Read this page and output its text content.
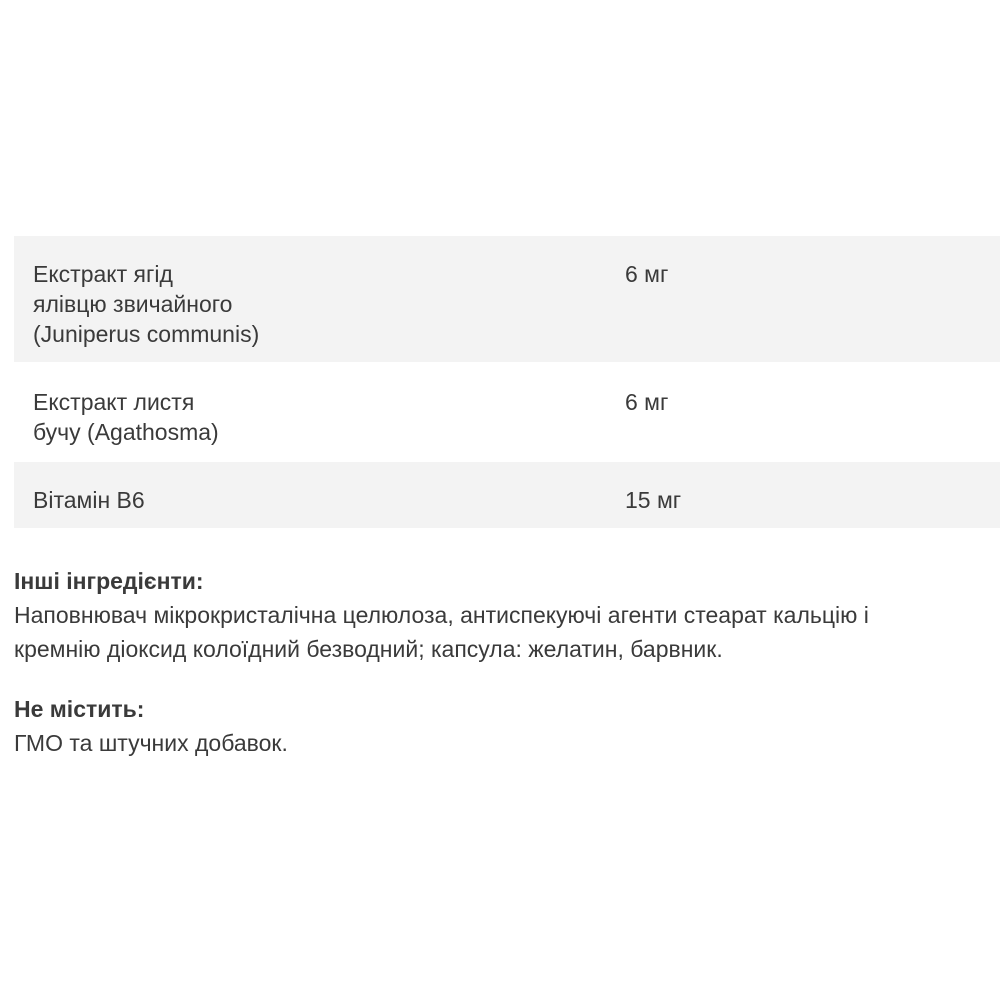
Екстракт ягід
ялівцю звичайного
(Juniperus communis)
6 мг
Екстракт листя
бучу (Agathosma)
6 мг
Вітамін B6	15 мг
Інші інгредієнти:
Наповнювач мікрокристалічна целюлоза, антиспекуючі агенти стеарат кальцію і
кремнію діоксид колоїдний безводний; капсула: желатин, барвник.
Не містить:
ГМО та штучних добавок.
